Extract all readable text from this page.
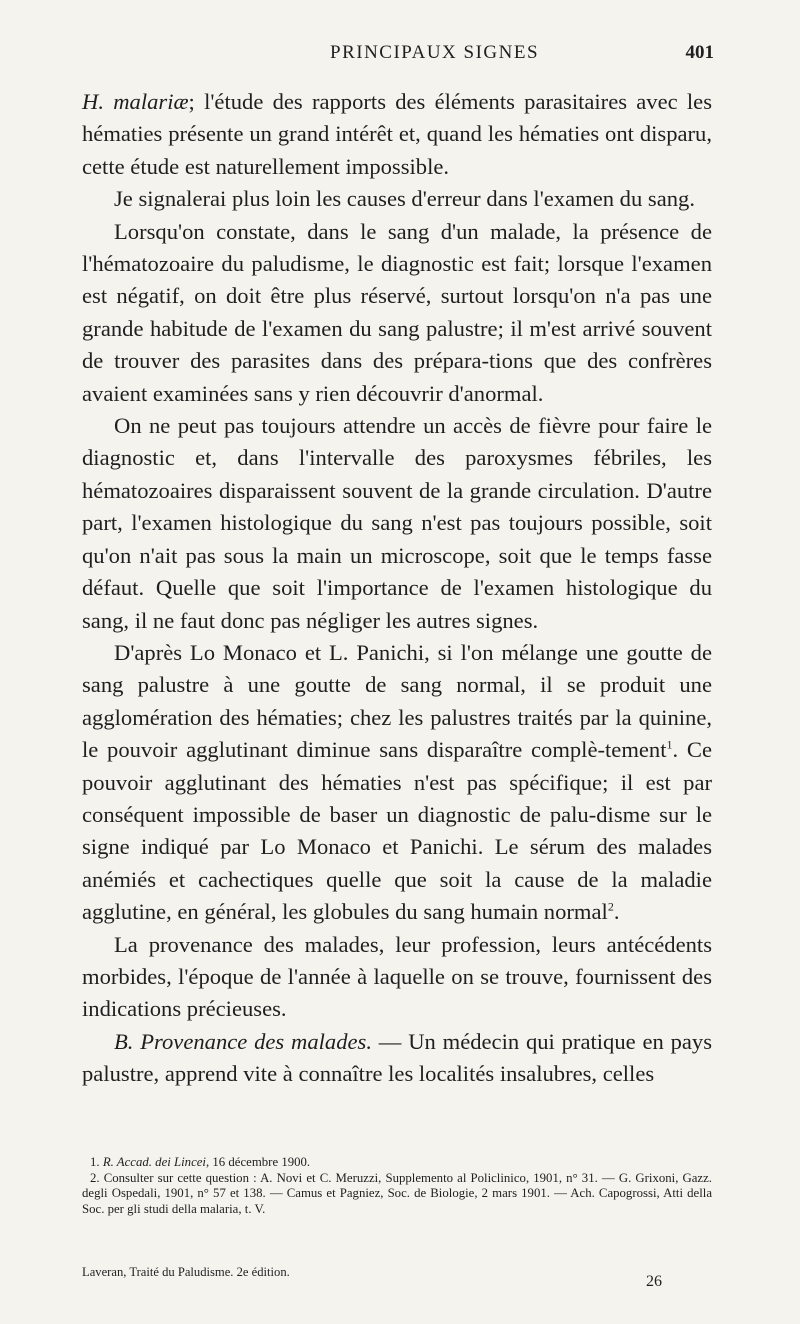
PRINCIPAUX SIGNES	401

H. malariæ; l'étude des rapports des éléments parasitaires avec les hématies présente un grand intérêt et, quand les hématies ont disparu, cette étude est naturellement impossible.

Je signalerai plus loin les causes d'erreur dans l'examen du sang.

Lorsqu'on constate, dans le sang d'un malade, la présence de l'hématozoaire du paludisme, le diagnostic est fait; lorsque l'examen est négatif, on doit être plus réservé, surtout lorsqu'on n'a pas une grande habitude de l'examen du sang palustre; il m'est arrivé souvent de trouver des parasites dans des prépara-tions que des confrères avaient examinées sans y rien découvrir d'anormal.

On ne peut pas toujours attendre un accès de fièvre pour faire le diagnostic et, dans l'intervalle des paroxysmes fébriles, les hématozoaires disparaissent souvent de la grande circulation. D'autre part, l'examen histologique du sang n'est pas toujours possible, soit qu'on n'ait pas sous la main un microscope, soit que le temps fasse défaut. Quelle que soit l'importance de l'examen histologique du sang, il ne faut donc pas négliger les autres signes.

D'après Lo Monaco et L. Panichi, si l'on mélange une goutte de sang palustre à une goutte de sang normal, il se produit une agglomération des hématies; chez les palustres traités par la quinine, le pouvoir agglutinant diminue sans disparaître complè-tement$^1$. Ce pouvoir agglutinant des hématies n'est pas spécifique; il est par conséquent impossible de baser un diagnostic de palu-disme sur le signe indiqué par Lo Monaco et Panichi. Le sérum des malades anémiés et cachectiques quelle que soit la cause de la maladie agglutine, en général, les globules du sang humain normal$^2$.

La provenance des malades, leur profession, leurs antécédents morbides, l'époque de l'année à laquelle on se trouve, fournissent des indications précieuses.

B. Provenance des malades. — Un médecin qui pratique en pays palustre, apprend vite à connaître les localités insalubres, celles

1. R. Accad. dei Lincei, 16 décembre 1900.

2. Consulter sur cette question : A. Novi et C. Meruzzi, Supplemento al Policlinico, 1901, n° 31. — G. Grixoni, Gazz. degli Ospedali, 1901, n° 57 et 138. — Camus et Pagniez, Soc. de Biologie, 2 mars 1901. — Ach. Capogrossi, Atti della Soc. per gli studi della malaria, t. V.

Laveran, Traité du Paludisme. 2e édition.
26
